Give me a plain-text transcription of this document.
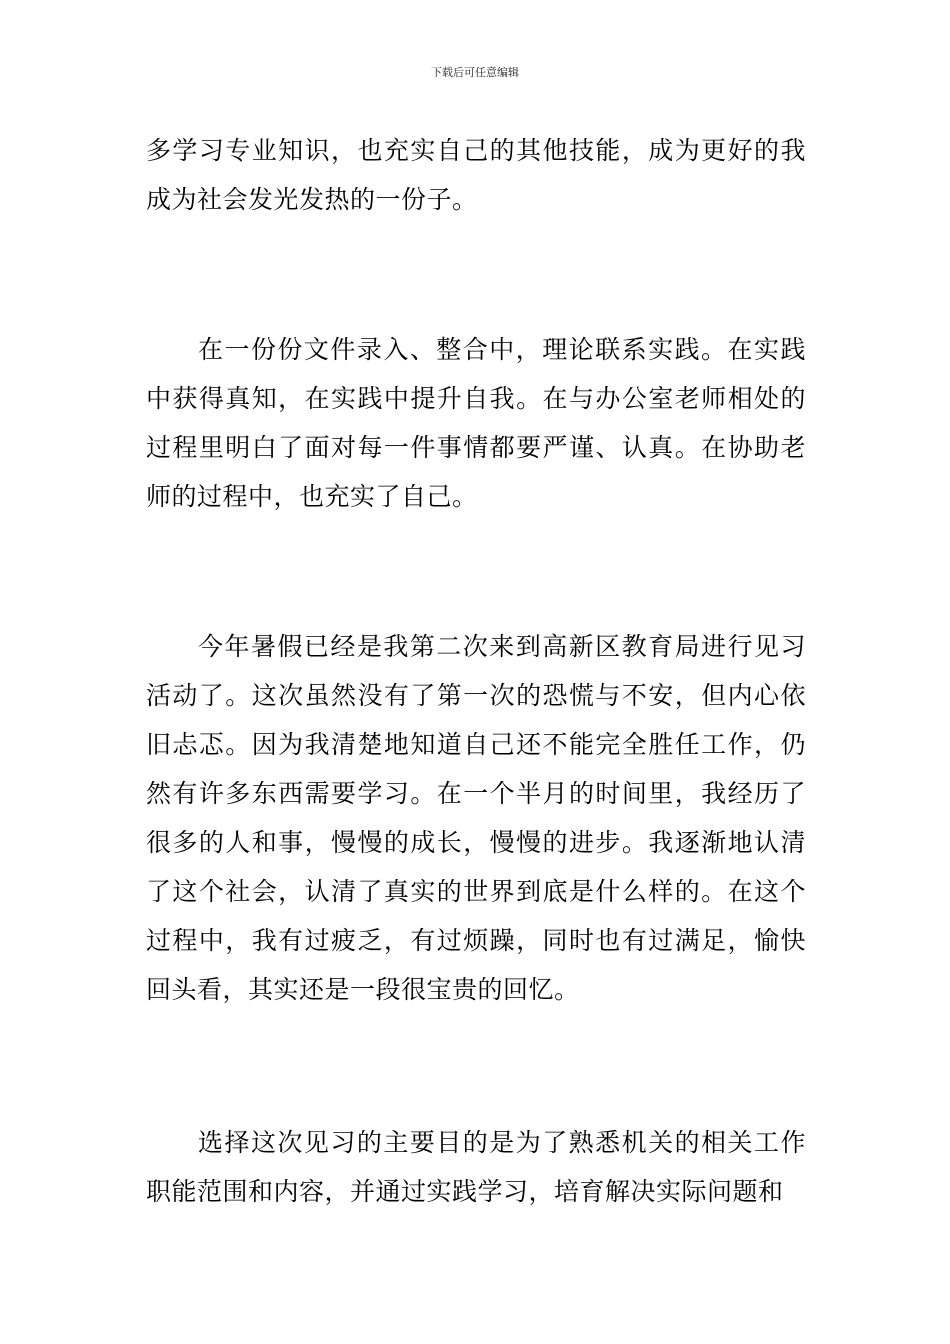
下载后可任意编辑

多学习专业知识，也充实自己的其他技能，成为更好的我成为社会发光发热的一份子。

在一份份文件录入、整合中，理论联系实践。在实践中获得真知，在实践中提升自我。在与办公室老师相处的过程里明白了面对每一件事情都要严谨、认真。在协助老师的过程中，也充实了自己。

今年暑假已经是我第二次来到高新区教育局进行见习活动了。这次虽然没有了第一次的恐慌与不安，但内心依旧忐忑。因为我清楚地知道自己还不能完全胜任工作，仍然有许多东西需要学习。在一个半月的时间里，我经历了很多的人和事，慢慢的成长，慢慢的进步。我逐渐地认清了这个社会，认清了真实的世界到底是什么样的。在这个过程中，我有过疲乏，有过烦躁，同时也有过满足，愉快回头看，其实还是一段很宝贵的回忆。

选择这次见习的主要目的是为了熟悉机关的相关工作职能范围和内容，并通过实践学习，培育解决实际问题和
